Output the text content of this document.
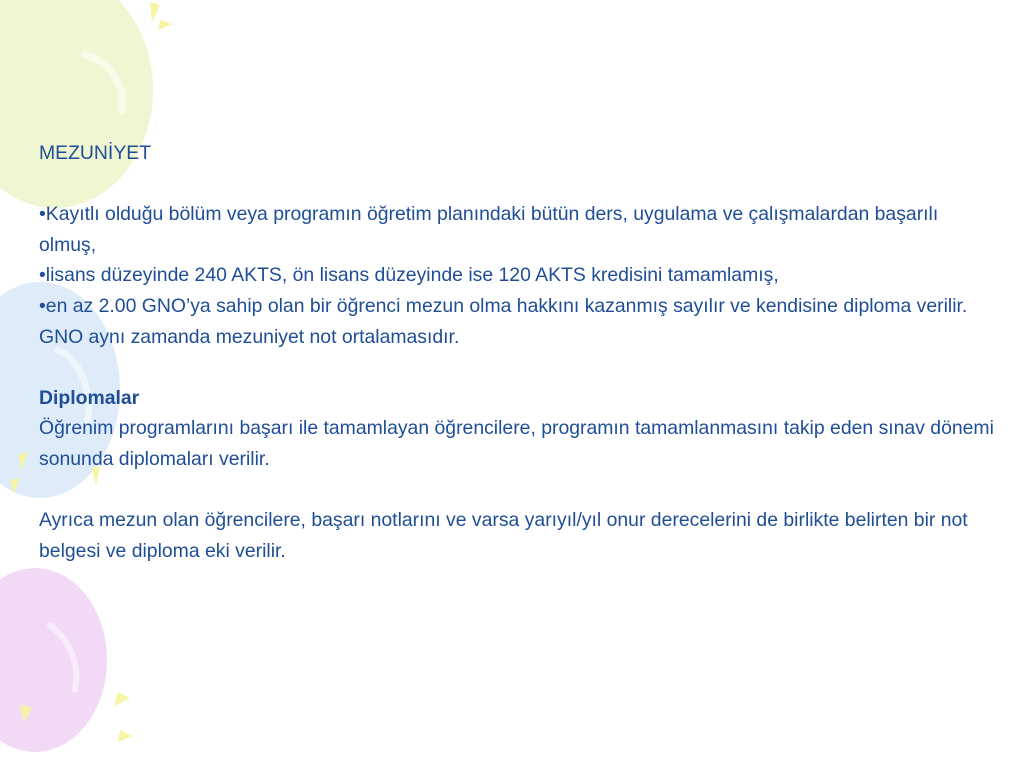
MEZUNİYET

•Kayıtlı olduğu bölüm veya programın öğretim planındaki bütün ders, uygulama ve çalışmalardan başarılı olmuş,

•lisans düzeyinde 240 AKTS, ön lisans düzeyinde ise 120 AKTS kredisini tamamlamış,

•en az 2.00 GNO’ya sahip olan bir öğrenci mezun olma hakkını kazanmış sayılır ve kendisine diploma verilir. GNO aynı zamanda mezuniyet not ortalamasıdır.

Diplomalar

Öğrenim programlarını başarı ile tamamlayan öğrencilere, programın tamamlanmasını takip eden sınav dönemi sonunda diplomaları verilir.

Ayrıca mezun olan öğrencilere, başarı notlarını ve varsa yarıyıl/yıl onur derecelerini de birlikte belirten bir not belgesi ve diploma eki verilir.
